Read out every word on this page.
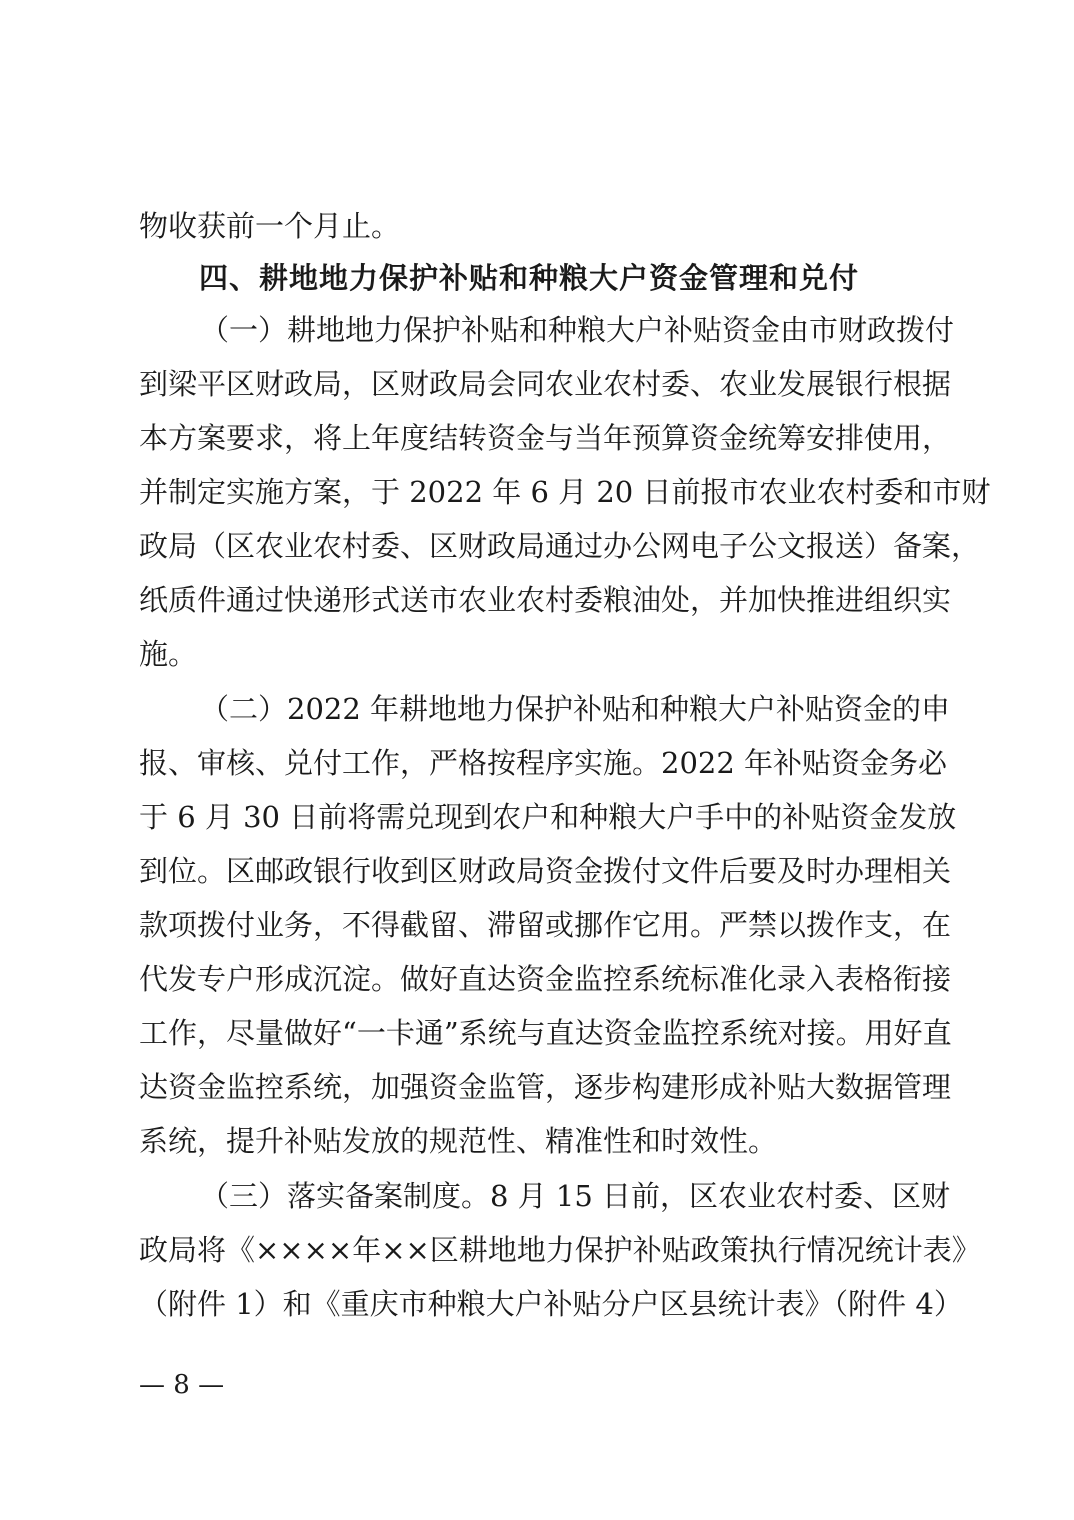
物收获前一个月止。
四、耕地地力保护补贴和种粮大户资金管理和兑付
（一）耕地地力保护补贴和种粮大户补贴资金由市财政拨付
到梁平区财政局，区财政局会同农业农村委、农业发展银行根据
本方案要求，将上年度结转资金与当年预算资金统筹安排使用，
并制定实施方案，于 2022 年 6 月 20 日前报市农业农村委和市财
政局（区农业农村委、区财政局通过办公网电子公文报送）备案，
纸质件通过快递形式送市农业农村委粮油处，并加快推进组织实
施。
（二）2022 年耕地地力保护补贴和种粮大户补贴资金的申
报、审核、兑付工作，严格按程序实施。2022 年补贴资金务必
于 6 月 30 日前将需兑现到农户和种粮大户手中的补贴资金发放
到位。区邮政银行收到区财政局资金拨付文件后要及时办理相关
款项拨付业务，不得截留、滞留或挪作它用。严禁以拨作支，在
代发专户形成沉淀。做好直达资金监控系统标准化录入表格衔接
工作，尽量做好“一卡通”系统与直达资金监控系统对接。用好直
达资金监控系统，加强资金监管，逐步构建形成补贴大数据管理
系统，提升补贴发放的规范性、精准性和时效性。
（三）落实备案制度。8 月 15 日前，区农业农村委、区财
政局将《××××年××区耕地地力保护补贴政策执行情况统计表》
（附件 1）和《重庆市种粮大户补贴分户区县统计表》（附件 4）
— 8 —
